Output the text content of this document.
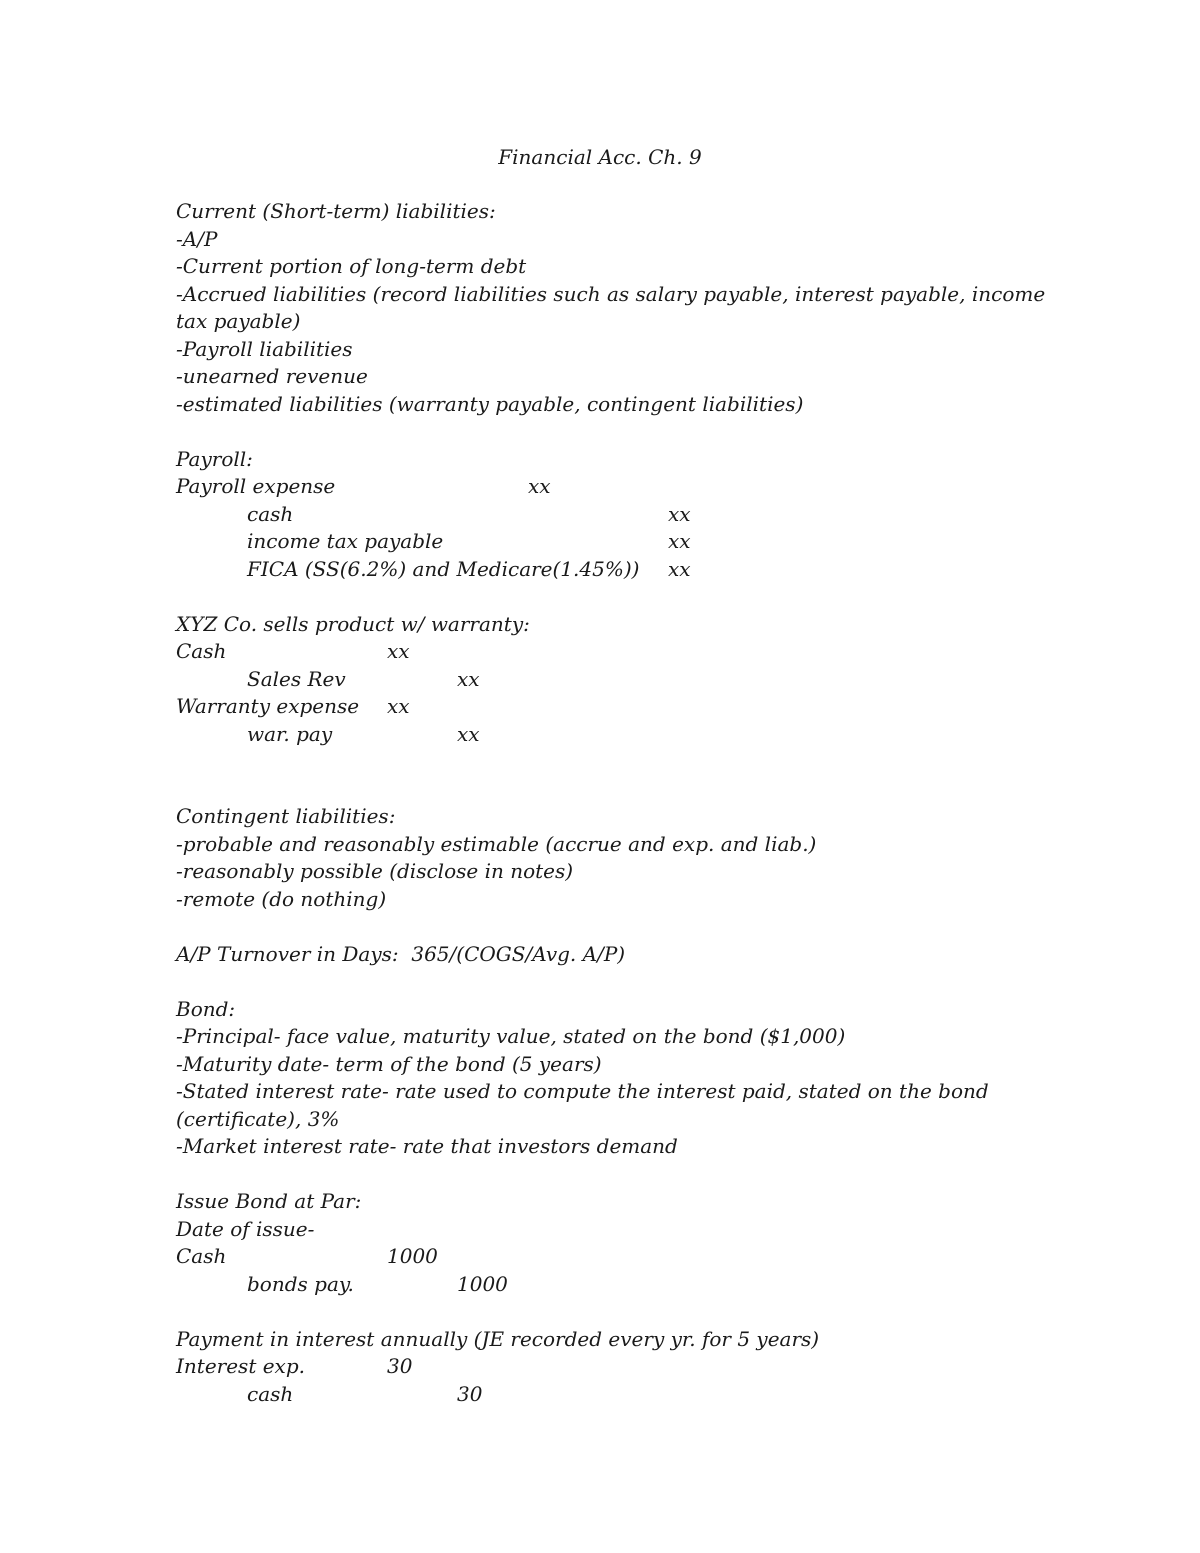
Financial Acc. Ch. 9
Current (Short-term) liabilities:
-A/P
-Current portion of long-term debt
-Accrued liabilities (record liabilities such as salary payable, interest payable, income
tax payable)
-Payroll liabilities
-unearned revenue
-estimated liabilities (warranty payable, contingent liabilities)
Payroll:
Payroll expense	xx
cash	xx
income tax payable	xx
FICA (SS(6.2%) and Medicare(1.45%)) xx
XYZ Co. sells product w/ warranty:
Cash	xx
Sales Rev	xx
Warranty expense xx
war. pay	xx
Contingent liabilities:
-probable and reasonably estimable (accrue and exp. and liab.)
-reasonably possible (disclose in notes)
-remote (do nothing)
A/P Turnover in Days:  365/(COGS/Avg. A/P)
Bond:
-Principal- face value, maturity value, stated on the bond ($1,000)
-Maturity date- term of the bond (5 years)
-Stated interest rate- rate used to compute the interest paid, stated on the bond
(certificate), 3%
-Market interest rate- rate that investors demand
Issue Bond at Par:
Date of issue-
Cash	1000
bonds pay.	1000
Payment in interest annually (JE recorded every yr. for 5 years)
Interest exp.	30
cash	30
